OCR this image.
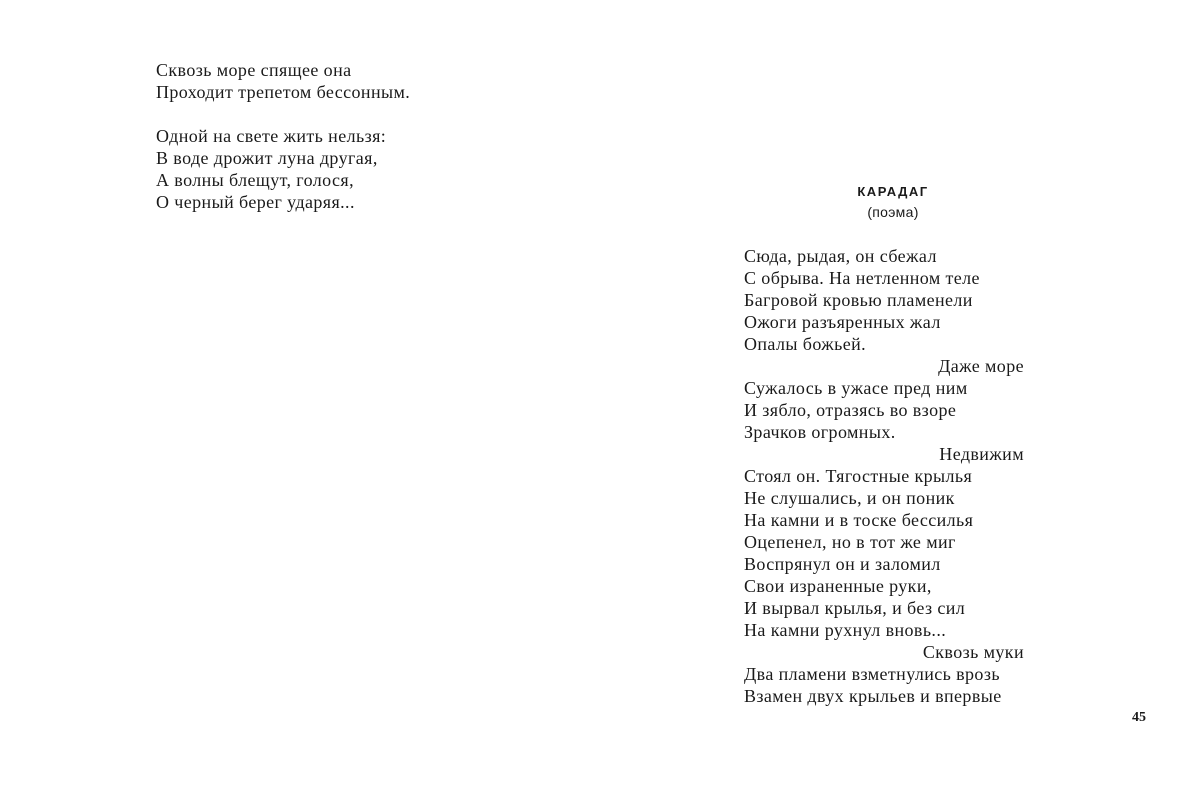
Сквозь море спящее она
Проходит трепетом бессонным.
Одной на свете жить нельзя:
В воде дрожит луна другая,
А волны блещут, голося,
О черный берег ударяя...
КАРАДАГ
(поэма)
Сюда, рыдая, он сбежал
С обрыва. На нетленном теле
Багровой кровью пламенели
Ожоги разъяренных жал
Опалы божьей.
Даже море
Сужалось в ужасе пред ним
И зябло, отразясь во взоре
Зрачков огромных.
Недвижим
Стоял он. Тягостные крылья
Не слушались, и он поник
На камни и в тоске бессилья
Оцепенел, но в тот же миг
Воспрянул он и заломил
Свои израненные руки,
И вырвал крылья, и без сил
На камни рухнул вновь...
Сквозь муки
Два пламени взметнулись врозь
Взамен двух крыльев и впервые
45
